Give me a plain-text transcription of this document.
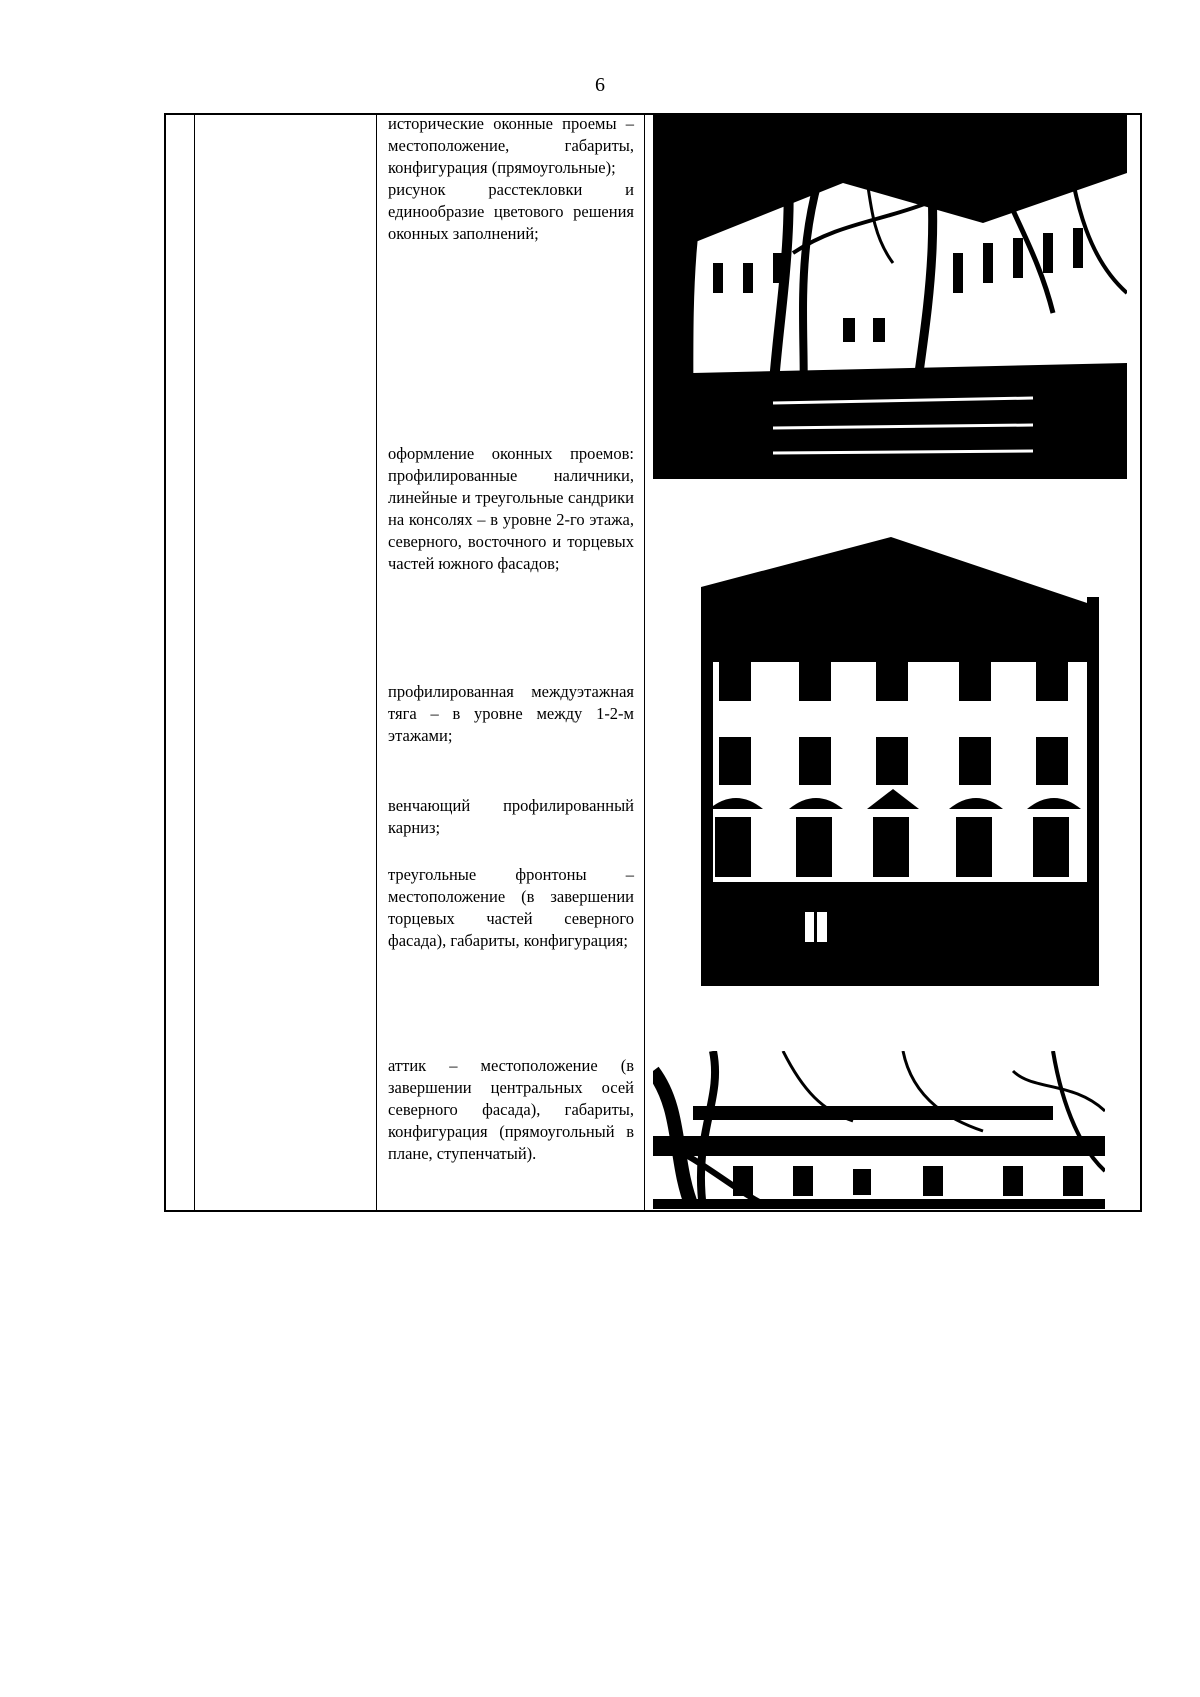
6

исторические оконные проемы – местоположение, габариты, конфигурация (прямоугольные);

рисунок расстекловки и единообразие цветового решения оконных заполнений;

оформление оконных проемов: профилированные наличники, линейные и треугольные сандрики на консолях – в уровне 2-го этажа, северного, восточного и торцевых частей южного фасадов;

профилированная междуэтажная тяга – в уровне между 1-2-м этажами;

венчающий профилированный карниз;

треугольные фронтоны – местоположение (в завершении торцевых частей северного фасада), габариты, конфигурация;

аттик – местоположение (в завершении центральных осей северного фасада), габариты, конфигурация (прямоугольный в плане, ступенчатый).
